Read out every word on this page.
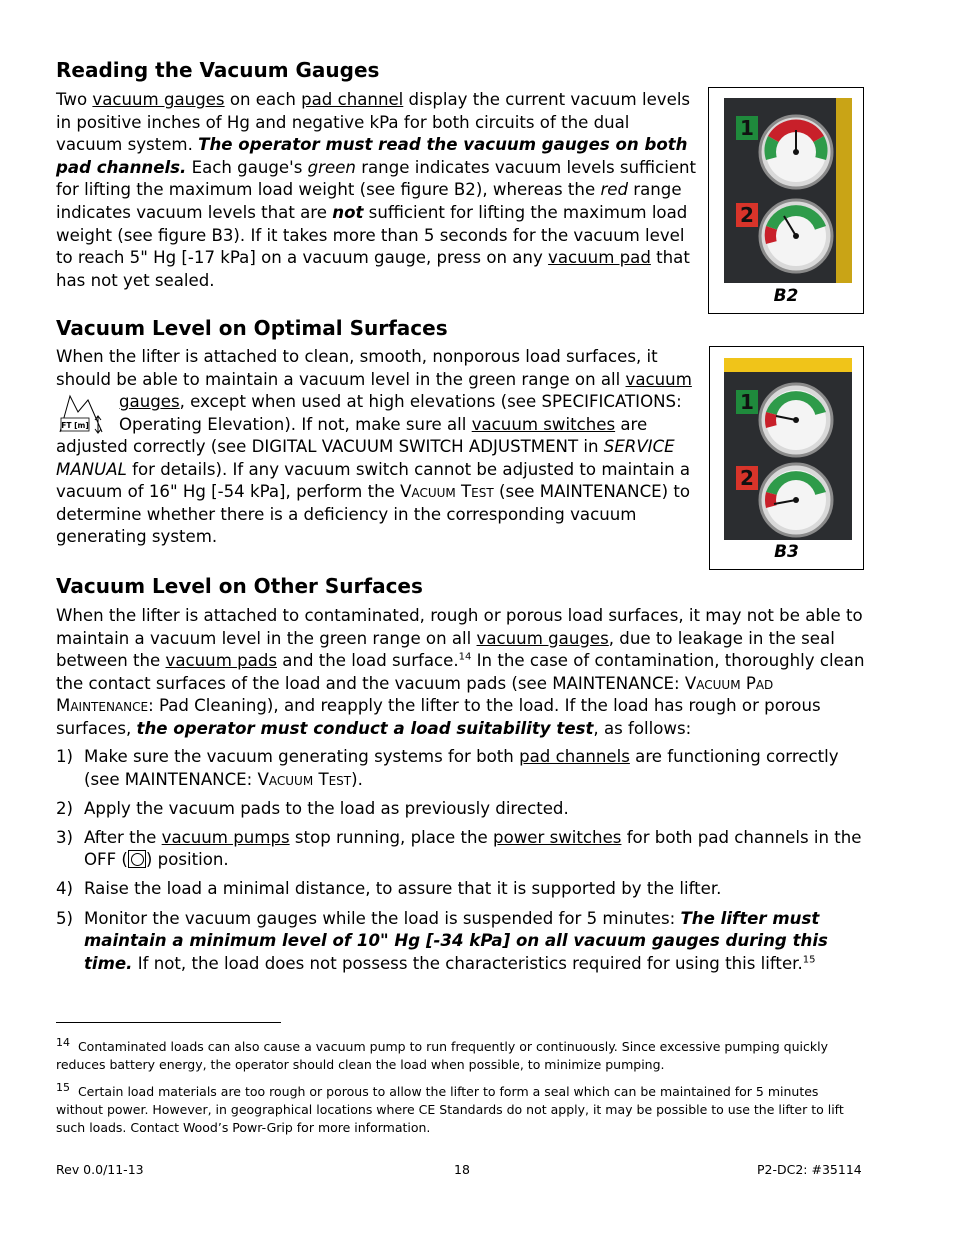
Reading the Vacuum Gauges

Two vacuum gauges on each pad channel display the current vacuum levels in positive inches of Hg and negative kPa for both circuits of the dual vacuum system. The operator must read the vacuum gauges on both pad channels. Each gauge's green range indicates vacuum levels sufficient for lifting the maximum load weight (see figure B2), whereas the red range indicates vacuum levels that are not sufficient for lifting the maximum load weight (see figure B3). If it takes more than 5 seconds for the vacuum level to reach 5" Hg [-17 kPa] on a vacuum gauge, press on any vacuum pad that has not yet sealed.

1
2
B2
Vacuum Level on Optimal Surfaces
FT [m]

When the lifter is attached to clean, smooth, nonporous load surfaces, it

should be able to maintain a vacuum level in the green range on all vacuum

gauges, except when used at high elevations (see SPECIFICATIONS:

Operating Elevation). If not, make sure all vacuum switches are

adjusted correctly (see DIGITAL VACUUM SWITCH ADJUSTMENT in SERVICE MANUAL for details). If any vacuum switch cannot be adjusted to maintain a vacuum of 16" Hg [-54 kPa], perform the Vacuum Test (see MAINTENANCE) to determine whether there is a deficiency in the corresponding vacuum generating system.

1
2
B3
Vacuum Level on Other Surfaces

When the lifter is attached to contaminated, rough or porous load surfaces, it may not be able to maintain a vacuum level in the green range on all vacuum gauges, due to leakage in the seal between the vacuum pads and the load surface.$^{14}$ In the case of contamination, thoroughly clean the contact surfaces of the load and the vacuum pads (see MAINTENANCE: Vacuum Pad Maintenance: Pad Cleaning), and reapply the lifter to the load. If the load has rough or porous surfaces, the operator must conduct a load suitability test, as follows:

1) Make sure the vacuum generating systems for both pad channels are functioning correctly (see MAINTENANCE: Vacuum Test).
2) Apply the vacuum pads to the load as previously directed.
3) After the vacuum pumps stop running, place the power switches for both pad channels in the OFF ( ) position.
4) Raise the load a minimal distance, to assure that it is supported by the lifter.
5) Monitor the vacuum gauges while the load is suspended for 5 minutes: The lifter must maintain a minimum level of 10" Hg [-34 kPa] on all vacuum gauges during this time. If not, the load does not possess the characteristics required for using this lifter.$^{15}$

$^{14}$ Contaminated loads can also cause a vacuum pump to run frequently or continuously. Since excessive pumping quickly reduces battery energy, the operator should clean the load when possible, to minimize pumping.

$^{15}$ Certain load materials are too rough or porous to allow the lifter to form a seal which can be maintained for 5 minutes without power. However, in geographical locations where CE Standards do not apply, it may be possible to use the lifter to lift such loads. Contact Wood’s Powr-Grip for more information.

Rev 0.0/11-13	18	P2-DC2: #35114
